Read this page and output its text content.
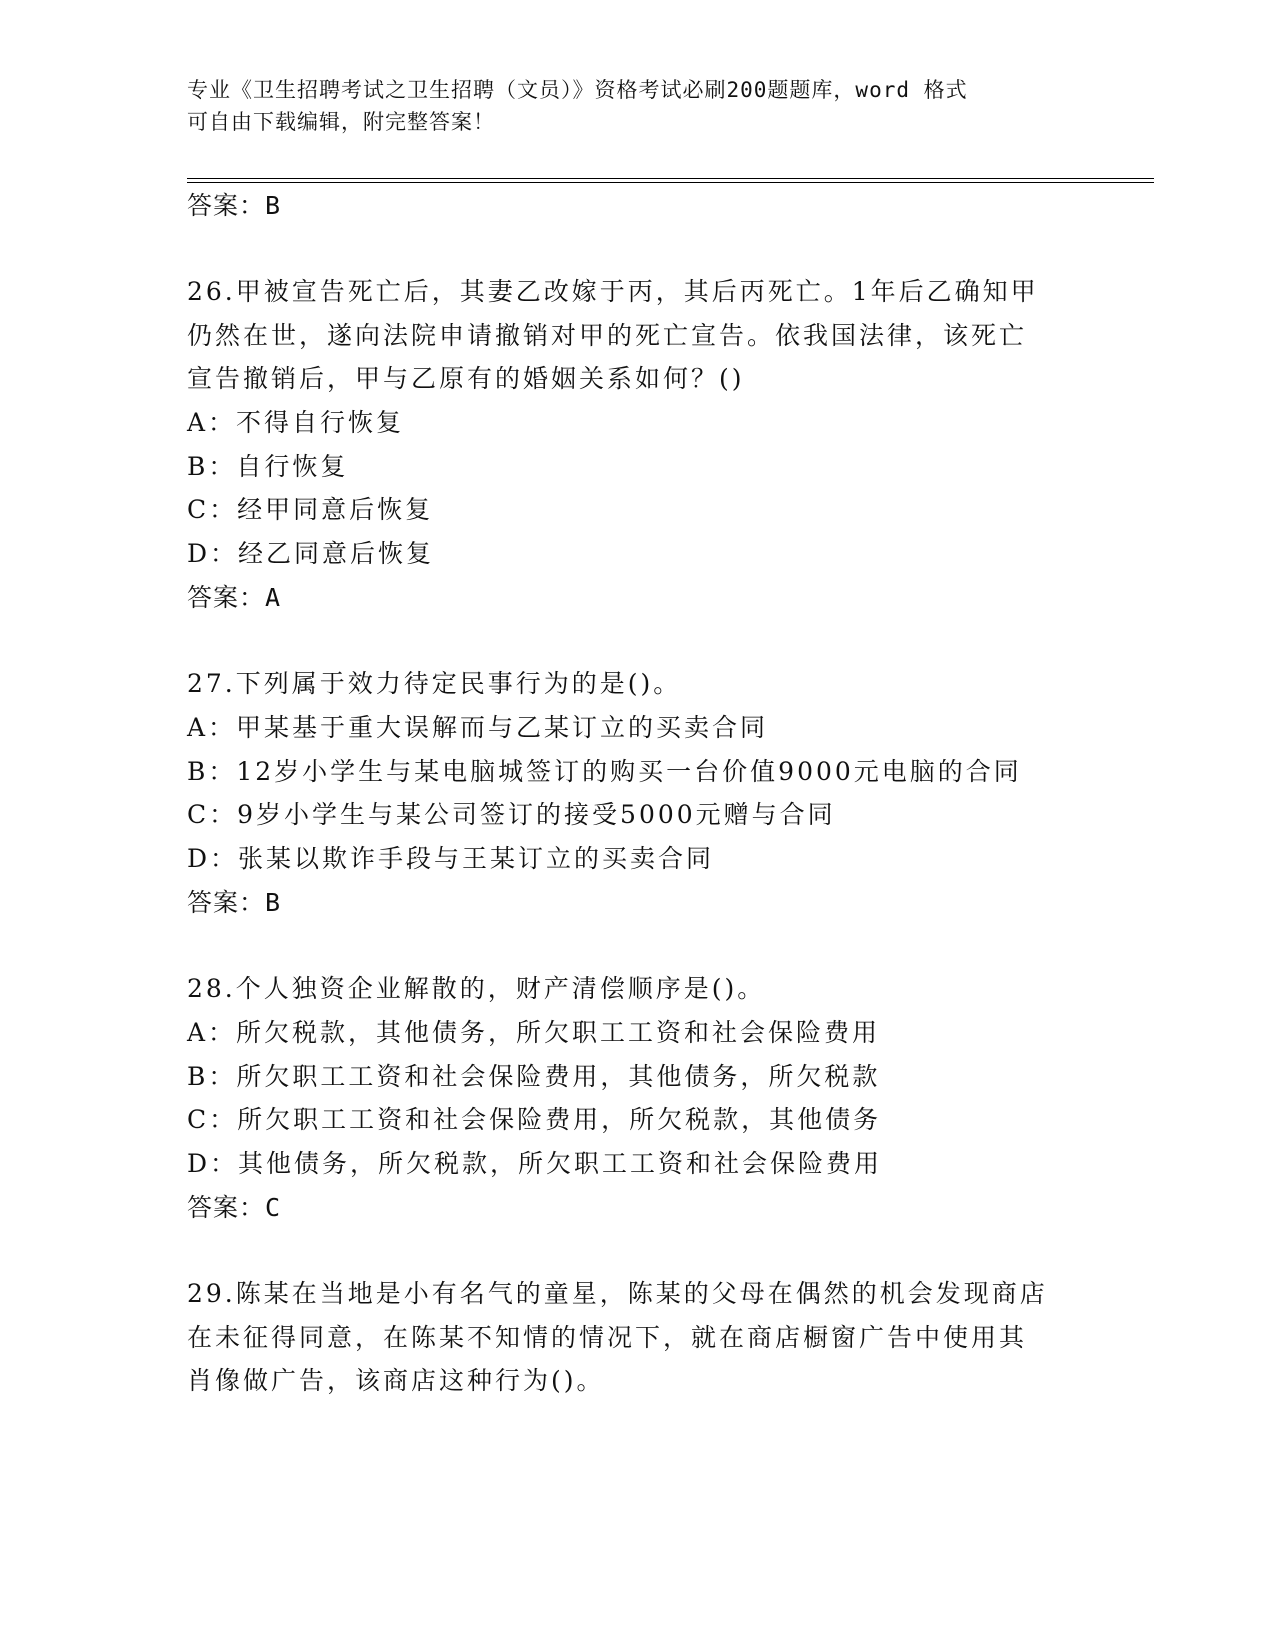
专业《卫生招聘考试之卫生招聘（文员）》资格考试必刷200题题库，word 格式
可自由下载编辑，附完整答案！
答案：B
26.甲被宣告死亡后，其妻乙改嫁于丙，其后丙死亡。1年后乙确知甲
仍然在世，遂向法院申请撤销对甲的死亡宣告。依我国法律，该死亡
宣告撤销后，甲与乙原有的婚姻关系如何？()
A：不得自行恢复
B：自行恢复
C：经甲同意后恢复
D：经乙同意后恢复
答案：A
27.下列属于效力待定民事行为的是()。
A：甲某基于重大误解而与乙某订立的买卖合同
B：12岁小学生与某电脑城签订的购买一台价值9000元电脑的合同
C：9岁小学生与某公司签订的接受5000元赠与合同
D：张某以欺诈手段与王某订立的买卖合同
答案：B
28.个人独资企业解散的，财产清偿顺序是()。
A：所欠税款，其他债务，所欠职工工资和社会保险费用
B：所欠职工工资和社会保险费用，其他债务，所欠税款
C：所欠职工工资和社会保险费用，所欠税款，其他债务
D：其他债务，所欠税款，所欠职工工资和社会保险费用
答案：C
29.陈某在当地是小有名气的童星，陈某的父母在偶然的机会发现商店
在未征得同意，在陈某不知情的情况下，就在商店橱窗广告中使用其
肖像做广告，该商店这种行为()。
